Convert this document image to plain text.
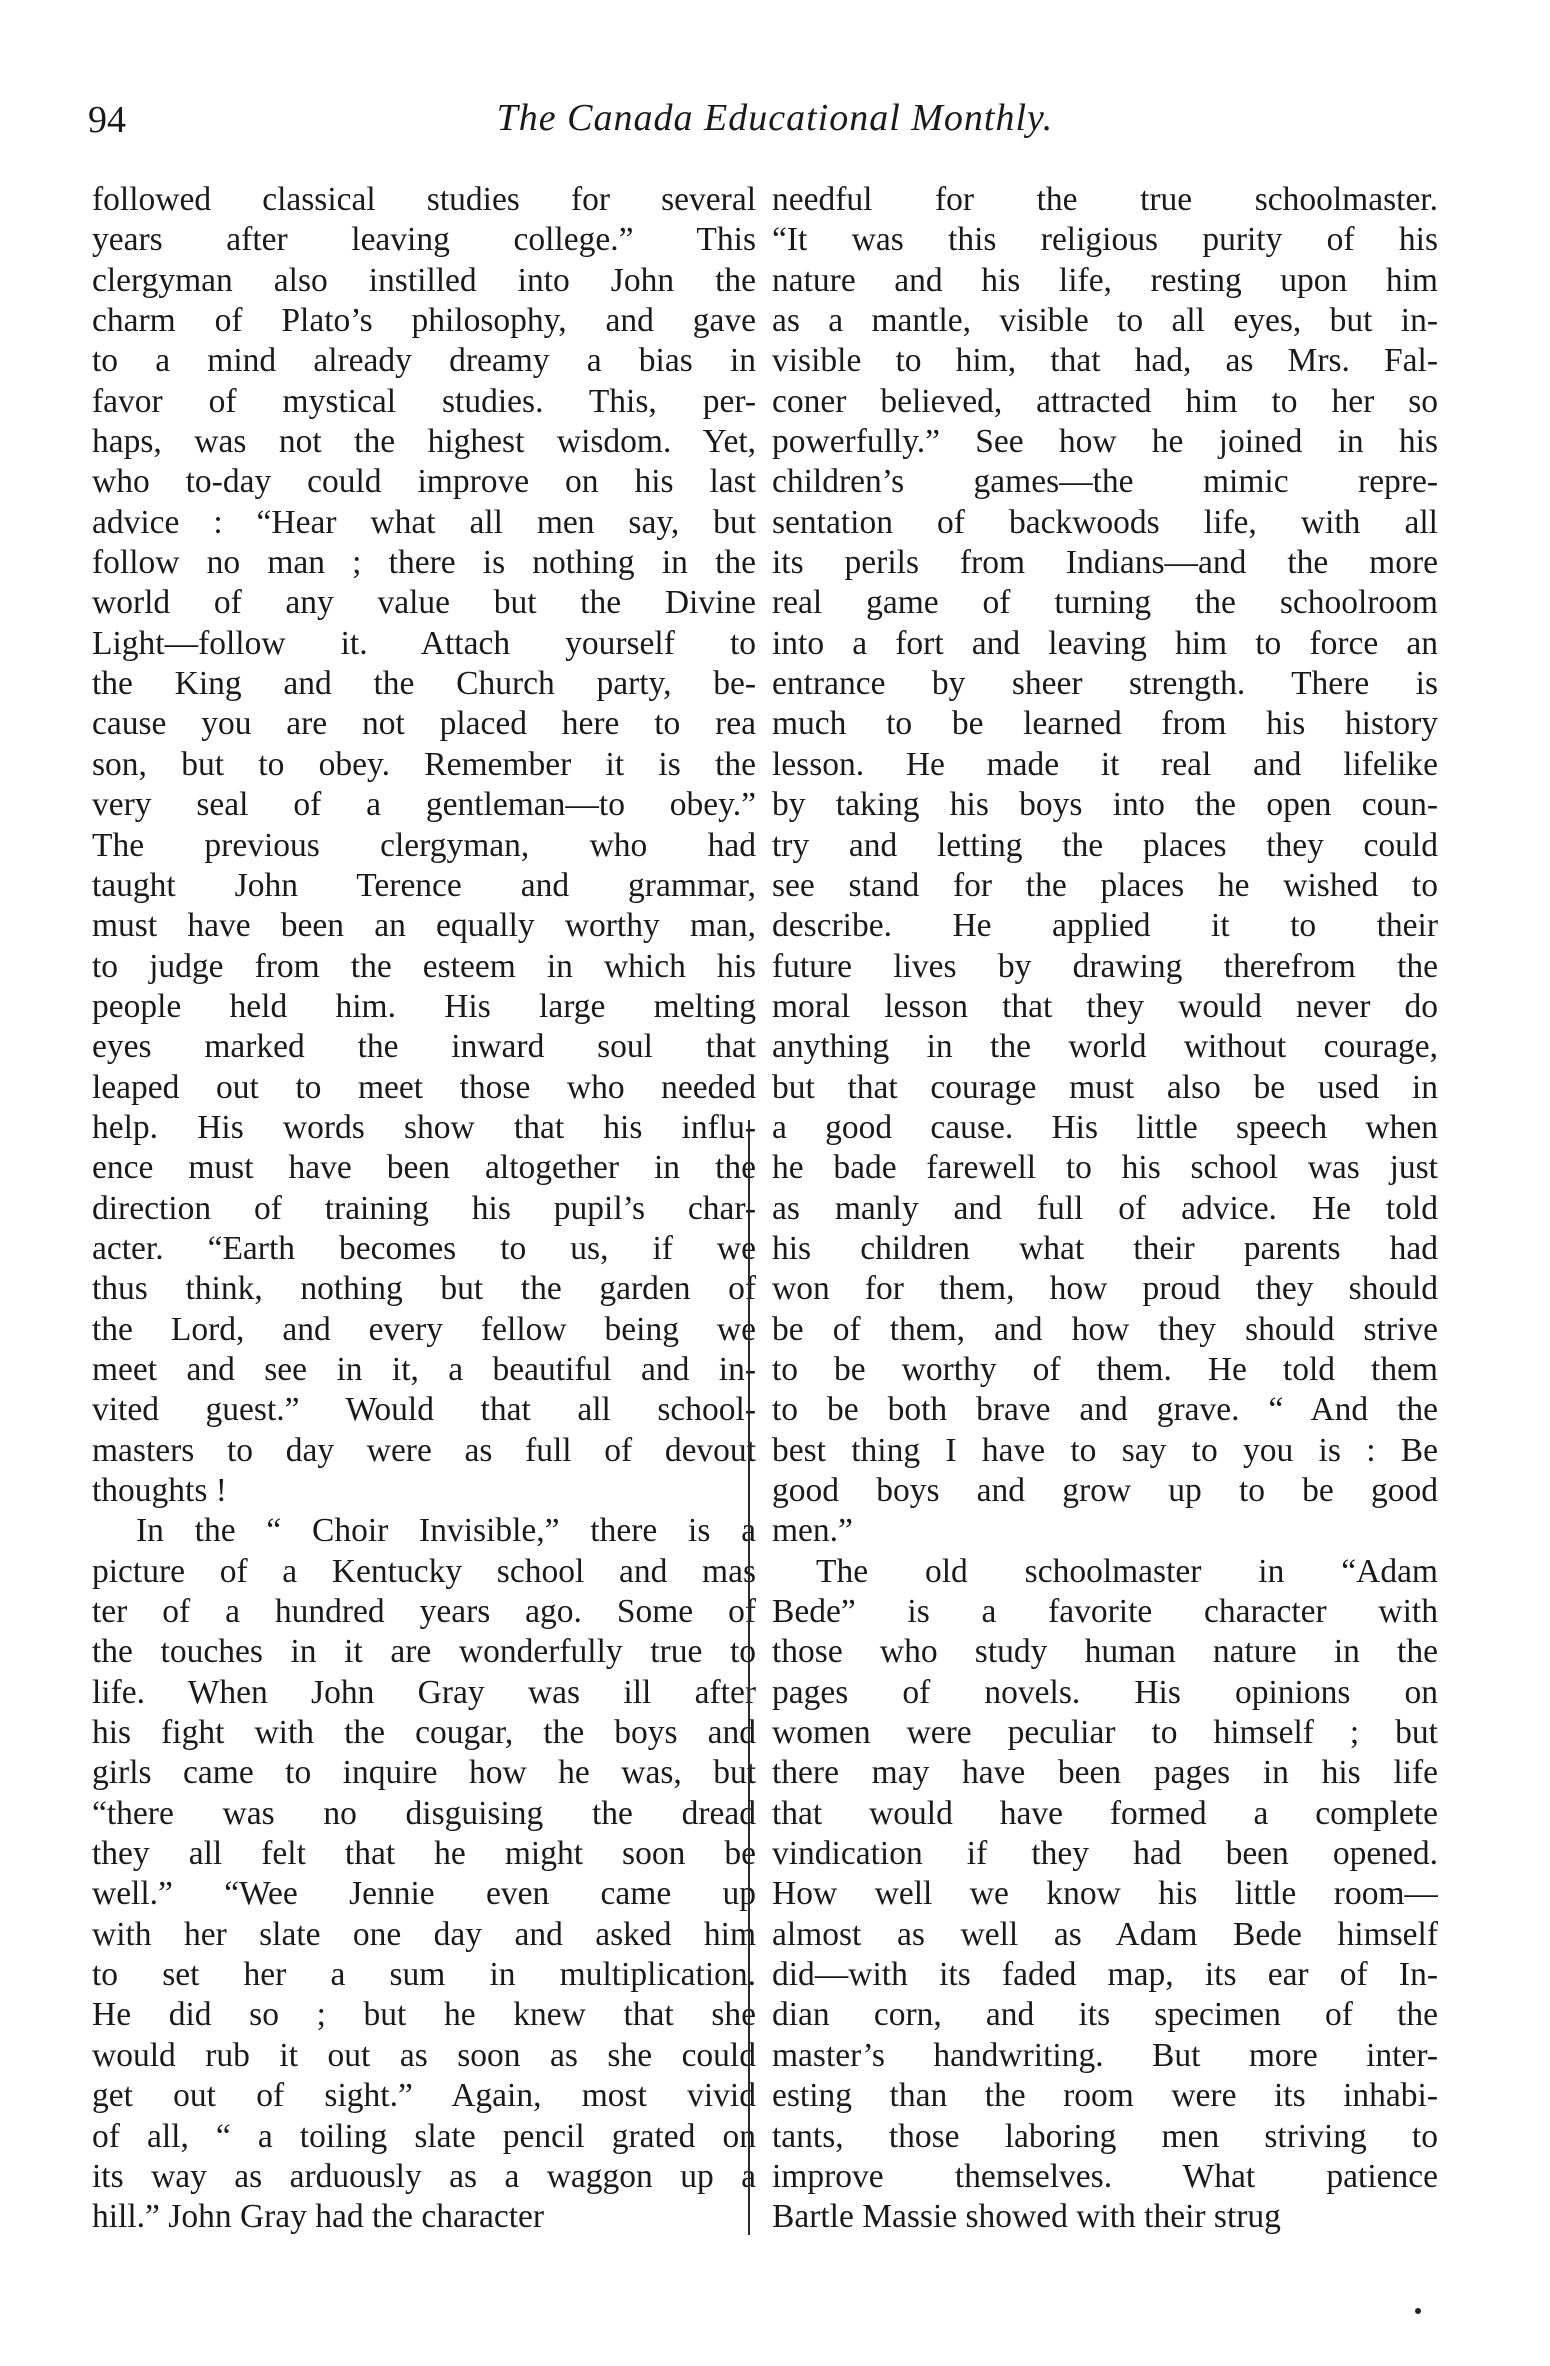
94	The Canada Educational Monthly.
followed classical studies for several
years after leaving college.” This
clergyman also instilled into John the
charm of Plato’s philosophy, and gave
to a mind already dreamy a bias in
favor of mystical studies. This, per-
haps, was not the highest wisdom. Yet,
who to-day could improve on his last
advice : “Hear what all men say, but
follow no man ; there is nothing in the
world of any value but the Divine
Light—follow it. Attach yourself to
the King and the Church party, be-
cause you are not placed here to rea
son, but to obey. Remember it is the
very seal of a gentleman—to obey.”
The previous clergyman, who had
taught John Terence and grammar,
must have been an equally worthy man,
to judge from the esteem in which his
people held him. His large melting
eyes marked the inward soul that
leaped out to meet those who needed
help. His words show that his influ-
ence must have been altogether in the
direction of training his pupil’s char-
acter. “Earth becomes to us, if we
thus think, nothing but the garden of
the Lord, and every fellow being we
meet and see in it, a beautiful and in-
vited guest.” Would that all school-
masters to day were as full of devout
thoughts !
In the “ Choir Invisible,” there is a
picture of a Kentucky school and mas
ter of a hundred years ago. Some of
the touches in it are wonderfully true to
life. When John Gray was ill after
his fight with the cougar, the boys and
girls came to inquire how he was, but
“there was no disguising the dread
they all felt that he might soon be
well.” “Wee Jennie even came up
with her slate one day and asked him
to set her a sum in multiplication.
He did so ; but he knew that she
would rub it out as soon as she could
get out of sight.” Again, most vivid
of all, “ a toiling slate pencil grated on
its way as arduously as a waggon up a
hill.” John Gray had the character
needful for the true schoolmaster.
“It was this religious purity of his
nature and his life, resting upon him
as a mantle, visible to all eyes, but in-
visible to him, that had, as Mrs. Fal-
coner believed, attracted him to her so
powerfully.” See how he joined in his
children’s games—the mimic repre-
sentation of backwoods life, with all
its perils from Indians—and the more
real game of turning the schoolroom
into a fort and leaving him to force an
entrance by sheer strength. There is
much to be learned from his history
lesson. He made it real and lifelike
by taking his boys into the open coun-
try and letting the places they could
see stand for the places he wished to
describe. He applied it to their
future lives by drawing therefrom the
moral lesson that they would never do
anything in the world without courage,
but that courage must also be used in
a good cause. His little speech when
he bade farewell to his school was just
as manly and full of advice. He told
his children what their parents had
won for them, how proud they should
be of them, and how they should strive
to be worthy of them. He told them
to be both brave and grave. “ And the
best thing I have to say to you is : Be
good boys and grow up to be good
men.”
The old schoolmaster in “Adam
Bede” is a favorite character with
those who study human nature in the
pages of novels. His opinions on
women were peculiar to himself ; but
there may have been pages in his life
that would have formed a complete
vindication if they had been opened.
How well we know his little room—
almost as well as Adam Bede himself
did—with its faded map, its ear of In-
dian corn, and its specimen of the
master’s handwriting. But more inter-
esting than the room were its inhabi-
tants, those laboring men striving to
improve themselves. What patience
Bartle Massie showed with their strug
